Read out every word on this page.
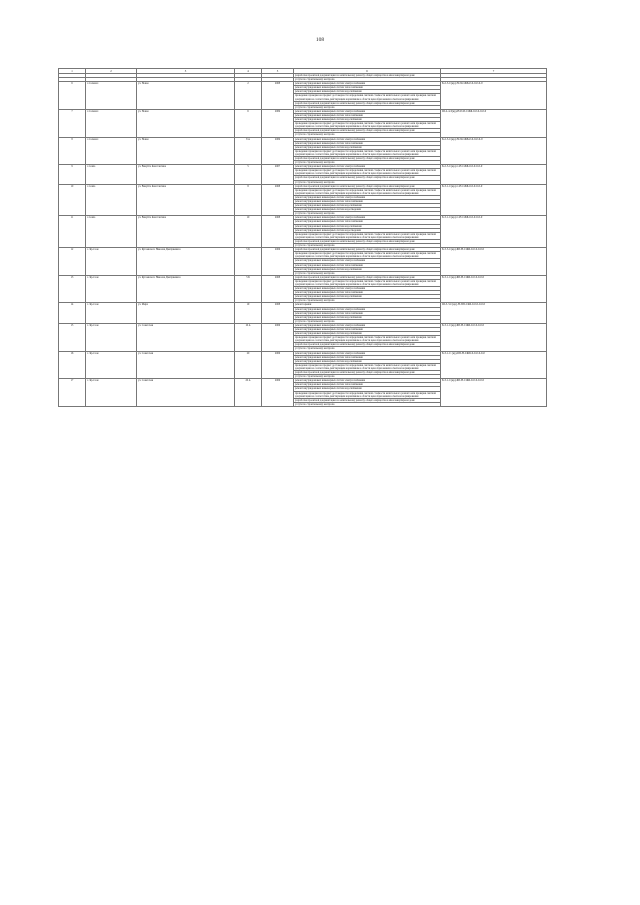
108
1	2	3	4	5	6	7
					разработка проектной документации по капитальному ремонту общего имущества в многоквартирном доме	
					услуги по строительному контролю	
6	с.Салемал	ул. Новая	2	2008	ремонт внутридомовых инженерных систем электроснабжения	Б-2-3-С(кр)-Н-П-СЖБ-0-0-0-0-0-0
					ремонт внутридомовых инженерных систем теплоснабжения	
					ремонт внутридомовых инженерных систем водоснабжения	
					проведение проверки на предмет достоверности определения сметной стоимости капитального ремонта или проверки сметной документации на соответствие действующим нормативам в области ценообразования в сметном нормировании	
					разработка проектной документации по капитальному ремонту общего имущества в многоквартирном доме	
					услуги по строительному контролю	
7	с.Салемал	ул. Новая	6	2009	ремонт внутридомовых инженерных систем электроснабжения	Ш-2-4-3(кр)-Н-П-П-СЖБ-0-0-0-0-0-0
					ремонт внутридомовых инженерных систем теплоснабжения	
					ремонт внутридомовых инженерных систем водоснабжения	
					проведение проверки на предмет достоверности определения сметной стоимости капитального ремонта или проверки сметной документации на соответствие действующим нормативам в области ценообразования в сметном нормировании	
					разработка проектной документации по капитальному ремонту общего имущества в многоквартирном доме	
					услуги по строительному контролю	
8	с.Салемал	ул. Новая	8 А	2009	ремонт внутридомовых инженерных систем электроснабжения	Б-2-3-С(кр)-Н-П-СЖБ-0-0-0-0-0-0
					ремонт внутридомовых инженерных систем теплоснабжения	
					ремонт внутридомовых инженерных систем водоснабжения	
					проведение проверки на предмет достоверности определения сметной стоимости капитального ремонта или проверки сметной документации на соответствие действующим нормативам в области ценообразования в сметном нормировании	
					разработка проектной документации по капитальному ремонту общего имущества в многоквартирном доме	
					услуги по строительному контролю	
9	с.Сеяха	ул. Вануйто Константина	5	2007	ремонт внутридомовых инженерных систем электроснабжения	Б-2-3-С(кр)-С-Н-СЖБ-0-0-0-0-0-0
					проведение проверки на предмет достоверности определения сметной стоимости капитального ремонта или проверки сметной документации на соответствие действующим нормативам в области ценообразования в сметном нормировании	
					разработка проектной документации по капитальному ремонту общего имущества в многоквартирном доме	
					услуги по строительному контролю	
10	с.Сеяха	ул. Вануйто Константина	8	2008	разработка проектной документации по капитальному ремонту общего имущества в многоквартирном доме	Б-3-1-С(кр)-С-Н-СЖБ-0-0-0-0-0-0
					проведение проверки на предмет достоверности определения сметной стоимости капитального ремонта или проверки сметной документации на соответствие действующим нормативам в области ценообразования в сметном нормировании	
					ремонт внутридомовых инженерных систем электроснабжения	
					ремонт внутридомовых инженерных систем теплоснабжения	
					ремонт внутридомовых инженерных систем водоснабжения	
					ремонт внутридомовых инженерных систем водоотведения	
					услуги по строительному контролю	
11	с.Сеяха	ул. Вануйто Константина	10	2008	ремонт внутридомовых инженерных систем электроснабжения	Б-3-1-С(кр)-С-Н-СЖБ-0-0-0-0-0-0
					ремонт внутридомовых инженерных систем теплоснабжения	
					ремонт внутридомовых инженерных систем водоснабжения	
					ремонт внутридомовых инженерных систем водоотведения	
					проведение проверки на предмет достоверности определения сметной стоимости капитального ремонта или проверки сметной документации на соответствие действующим нормативам в области ценообразования в сметном нормировании	
					разработка проектной документации по капитальному ремонту общего имущества в многоквартирном доме	
					услуги по строительному контролю	
12	с. Яр-Сале	ул. Кугаевского Николая Дмитриевича	5 Б	2006	разработка проектной документации по капитальному ремонту общего имущества в многоквартирном доме	Б-3-3-С(кр)-БП-Н-СЖБ-0-0-0-0-0-0
					проведение проверки на предмет достоверности определения сметной стоимости капитального ремонта или проверки сметной документации на соответствие действующим нормативам в области ценообразования в сметном нормировании	
					ремонт внутридомовых инженерных систем электроснабжения	
					ремонт внутридомовых инженерных систем теплоснабжения	
					ремонт внутридомовых инженерных систем водоснабжения	
					услуги по строительному контролю	
13	с. Яр-Сале	ул. Кугаевского Николая Дмитриевича	5 Б	2008	разработка проектной документации по капитальному ремонту общего имущества в многоквартирном доме	Б-3-1-С(кр)-БП-Н-СЖБ-0-0-0-0-0-0
					проведение проверки на предмет достоверности определения сметной стоимости капитального ремонта или проверки сметной документации на соответствие действующим нормативам в области ценообразования в сметном нормировании	
					ремонт внутридомовых инженерных систем электроснабжения	
					ремонт внутридомовых инженерных систем теплоснабжения	
					ремонт внутридомовых инженерных систем водоснабжения	
					услуги по строительному контролю	
14	с. Яр-Сале	ул. Мира	19	2008	ремонт крыши	Ш-3-3-С(кр)-Н-ПП-СКБ-0-0-0-0-0-0
					ремонт внутридомовых инженерных систем электроснабжения	
					ремонт внутридомовых инженерных систем теплоснабжения	
					ремонт внутридомовых инженерных систем водоснабжения	
					услуги по строительному контролю	
15	с. Яр-Сале	ул. Советская	10 А	2006	ремонт внутридомовых инженерных систем электроснабжения	Б-3-1-С(кр)-БП-Н-СЖБ-0-0-0-0-0-0
					ремонт внутридомовых инженерных систем теплоснабжения	
					ремонт внутридомовых инженерных систем водоснабжения	
					проведение проверки на предмет достоверности определения сметной стоимости капитального ремонта или проверки сметной документации на соответствие действующим нормативам в области ценообразования в сметном нормировании	
					разработка проектной документации по капитальному ремонту общего имущества в многоквартирном доме	
					услуги по строительному контролю	
16	с. Яр-Сале	ул. Советская	20	2006	ремонт внутридомовых инженерных систем электроснабжения	Б-3-1-С (кр)-БП-Н-СЖБ-0-0-0-0-0-0
					ремонт внутридомовых инженерных систем теплоснабжения	
					ремонт внутридомовых инженерных систем водоснабжения	
					проведение проверки на предмет достоверности определения сметной стоимости капитального ремонта или проверки сметной документации на соответствие действующим нормативам в области ценообразования в сметном нормировании	
					разработка проектной документации по капитальному ремонту общего имущества в многоквартирном доме	
					услуги по строительному контролю	
17	с. Яр-Сале	ул. Советская	20 А	2006	ремонт внутридомовых инженерных систем электроснабжения	Б-3-1-С(кр)-БП-Н-СЖБ-0-0-0-0-0-0
					ремонт внутридомовых инженерных систем теплоснабжения	
					ремонт внутридомовых инженерных систем водоснабжения	
					проведение проверки на предмет достоверности определения сметной стоимости капитального ремонта или проверки сметной документации на соответствие действующим нормативам в области ценообразования в сметном нормировании	
					разработка проектной документации по капитальному ремонту общего имущества в многоквартирном доме	
					услуги по строительному контролю	
